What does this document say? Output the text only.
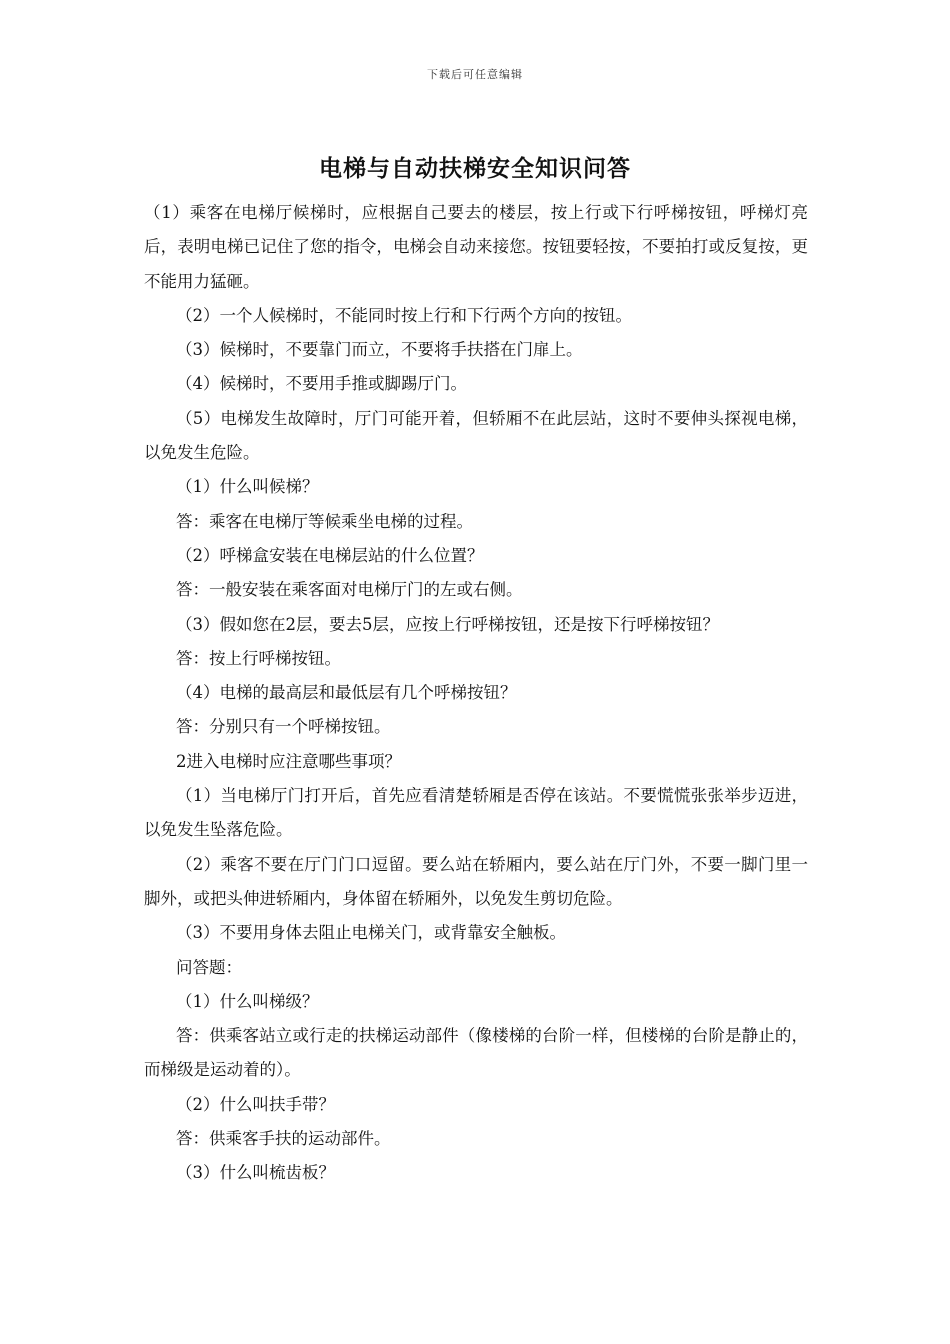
下载后可任意编辑
电梯与自动扶梯安全知识问答

（1）乘客在电梯厅候梯时，应根据自己要去的楼层，按上行或下行呼梯按钮，呼梯灯亮后，表明电梯已记住了您的指令，电梯会自动来接您。按钮要轻按，不要拍打或反复按，更不能用力猛砸。

（2）一个人候梯时，不能同时按上行和下行两个方向的按钮。

（3）候梯时，不要靠门而立，不要将手扶搭在门扉上。

（4）候梯时，不要用手推或脚踢厅门。

（5）电梯发生故障时，厅门可能开着，但轿厢不在此层站，这时不要伸头探视电梯，以免发生危险。

（1）什么叫候梯？

答：乘客在电梯厅等候乘坐电梯的过程。

（2）呼梯盒安装在电梯层站的什么位置？

答：一般安装在乘客面对电梯厅门的左或右侧。

（3）假如您在2层，要去5层，应按上行呼梯按钮，还是按下行呼梯按钮？

答：按上行呼梯按钮。

（4）电梯的最高层和最低层有几个呼梯按钮？

答：分别只有一个呼梯按钮。

2进入电梯时应注意哪些事项？

（1）当电梯厅门打开后，首先应看清楚轿厢是否停在该站。不要慌慌张张举步迈进，以免发生坠落危险。

（2）乘客不要在厅门门口逗留。要么站在轿厢内，要么站在厅门外，不要一脚门里一脚外，或把头伸进轿厢内，身体留在轿厢外，以免发生剪切危险。

（3）不要用身体去阻止电梯关门，或背靠安全触板。

问答题：

（1）什么叫梯级？

答：供乘客站立或行走的扶梯运动部件（像楼梯的台阶一样，但楼梯的台阶是静止的，而梯级是运动着的）。

（2）什么叫扶手带？

答：供乘客手扶的运动部件。

（3）什么叫梳齿板？
